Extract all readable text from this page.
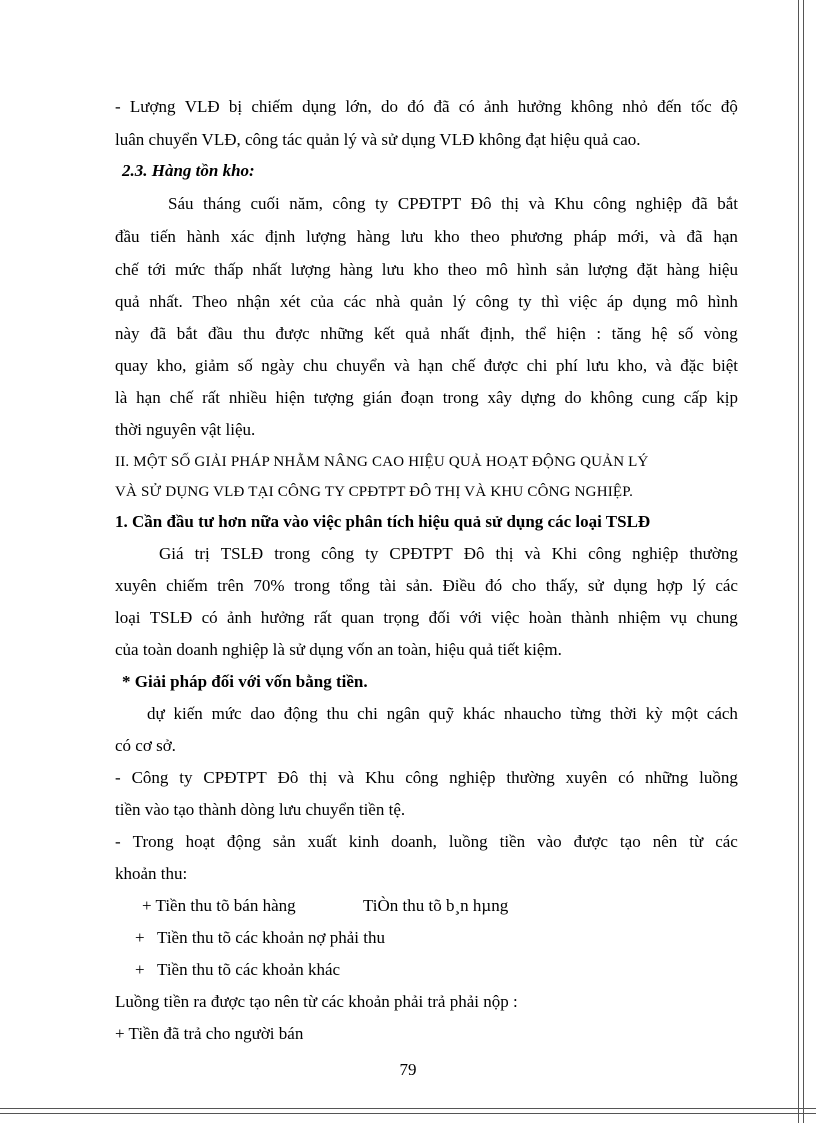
- Lượng VLĐ bị chiếm dụng lớn, do đó đã có ảnh hưởng không nhỏ đến tốc độ
luân chuyển VLĐ, công tác quản lý và sử dụng VLĐ không đạt hiệu quả cao.
2.3. Hàng tồn kho:
Sáu tháng cuối năm, công ty CPĐTPT Đô thị và Khu công nghiệp đã bắt
đầu tiến hành xác định lượng hàng lưu kho theo phương pháp mới, và đã hạn
chế tới mức thấp nhất lượng hàng lưu kho theo mô hình sản lượng đặt hàng hiệu
quả nhất. Theo nhận xét của các nhà quản lý công ty thì việc áp dụng mô hình
này đã bắt đầu thu được những kết quả nhất định, thể hiện : tăng hệ số vòng
quay kho, giảm số ngày chu chuyển và hạn chế được chi phí lưu kho, và đặc biệt
là hạn chế rất nhiều hiện tượng gián đoạn trong xây dựng do không cung cấp kịp
thời nguyên vật liệu.
II. MỘT SỐ GIẢI PHÁP NHẰM NÂNG CAO HIỆU QUẢ HOẠT ĐỘNG QUẢN LÝ
VÀ SỬ DỤNG VLĐ TẠI CÔNG TY CPĐTPT ĐÔ THỊ VÀ KHU CÔNG NGHIỆP.
1. Cần đầu tư hơn nữa vào việc phân tích hiệu quả sử dụng các loại TSLĐ
Giá trị TSLĐ trong công ty CPĐTPT Đô thị và Khi công nghiệp thường
xuyên chiếm trên 70% trong tổng tài sản. Điều đó cho thấy, sử dụng hợp lý các
loại TSLĐ có ảnh hưởng rất quan trọng đối với việc hoàn thành nhiệm vụ chung
của toàn doanh nghiệp là sử dụng vốn an toàn, hiệu quả tiết kiệm.
* Giải pháp đối với vốn bằng tiền.
dự kiến mức dao động thu chi ngân quỹ khác nhaucho từng thời kỳ một cách
có cơ sở.
- Công ty CPĐTPT Đô thị và Khu công nghiệp thường xuyên có những luồng
tiền vào tạo thành dòng lưu chuyển tiền tệ.
- Trong hoạt động sản xuất kinh doanh, luồng tiền vào được tạo nên từ các
khoản thu:
+ Tiền thu tõ bán hàng	TiÒn thu tõ b¸n hµng
+   Tiền thu tõ các khoản nợ phải thu
+   Tiền thu tõ các khoản khác
Luồng tiền ra được tạo nên từ các khoản phải trả phải nộp :
+ Tiền đã trả cho người bán
79
